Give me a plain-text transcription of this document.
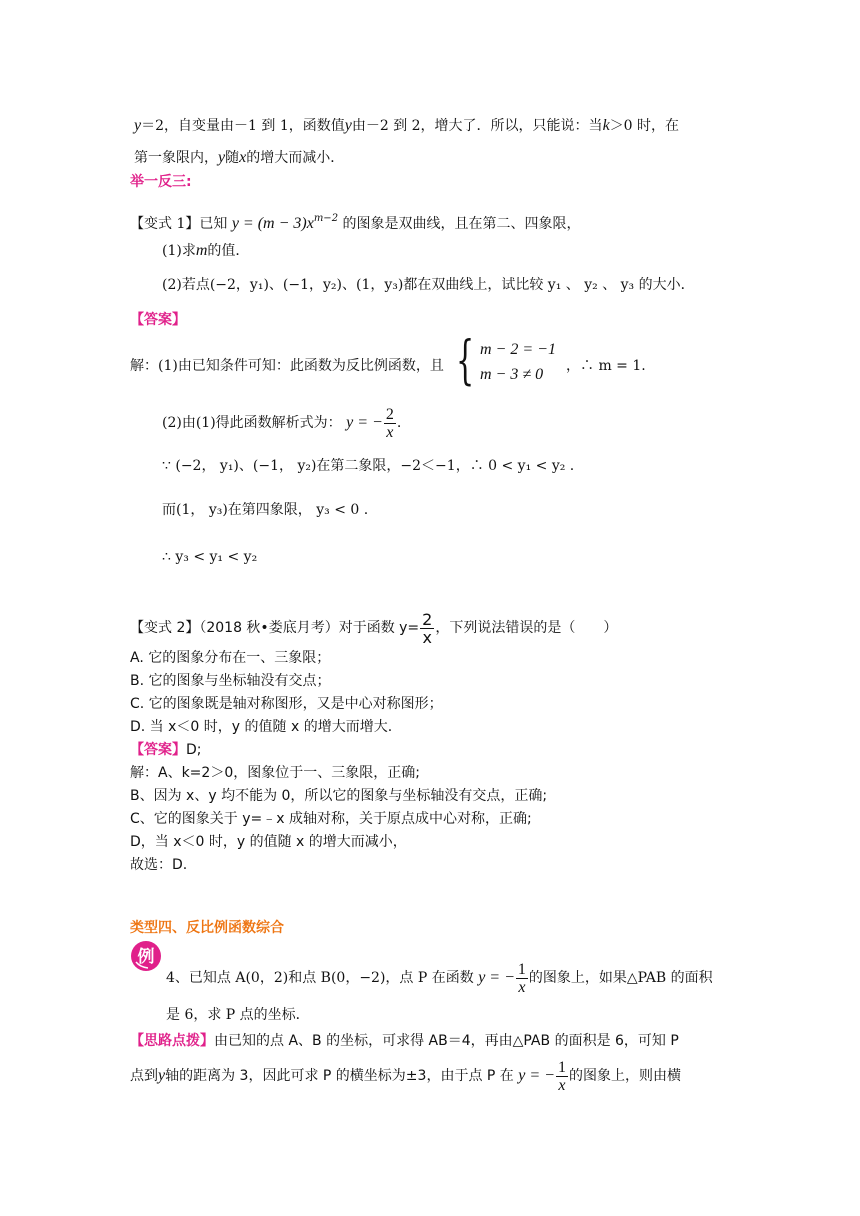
y＝2，自变量由－1 到 1，函数值y由－2 到 2，增大了．所以，只能说：当k＞0 时，在
第一象限内，y随x的增大而减小．
举一反三:
【变式 1】已知 $y = (m - 3)x^{m-2}$ 的图象是双曲线，且在第二、四象限，
(1)求m的值．
(2)若点(−2，y₁)、(−1，y₂)、(1，y₃)都在双曲线上，试比较 y₁ 、 y₂ 、 y₃ 的大小．
【答案】
解：(1)由已知条件可知：此函数为反比例函数，且 { m − 2 = −1
m − 3 ≠ 0 ，∴ m = 1.
(2)由(1)得此函数解析式为： y = − $\frac{2}{x}$ .
∵ (−2， y₁)、(−1， y₂)在第二象限，−2＜−1，∴ 0 < y₁ < y₂ .
而(1， y₃)在第四象限， y₃ < 0 .
∴ y₃ < y₁ < y₂
【变式 2】（2018 秋•娄底月考）对于函数 $y= \frac{2}{x}$ ，下列说法错误的是（　　）
A. 它的图象分布在一、三象限；
B. 它的图象与坐标轴没有交点；
C. 它的图象既是轴对称图形，又是中心对称图形；
D. 当 x＜0 时，y 的值随 x 的增大而增大.
【答案】D;
解：A、k=2＞0，图象位于一、三象限，正确;
B、因为 x、y 均不能为 0，所以它的图象与坐标轴没有交点，正确;
C、它的图象关于 y=﹣x 成轴对称，关于原点成中心对称，正确;
D，当 x＜0 时，y 的值随 x 的增大而减小，
故选：D.
类型四、反比例函数综合
例
4、已知点 A(0，2)和点 B(0，−2)，点 P 在函数 y = − $\frac{1}{x}$ 的图象上，如果△PAB 的面积
是 6，求 P 点的坐标．
【思路点拨】由已知的点 A、B 的坐标，可求得 AB＝4，再由△PAB 的面积是 6，可知 P
点到y轴的距离为 3，因此可求 P 的横坐标为±3，由于点 P 在 y = − $\frac{1}{x}$ 的图象上，则由横
